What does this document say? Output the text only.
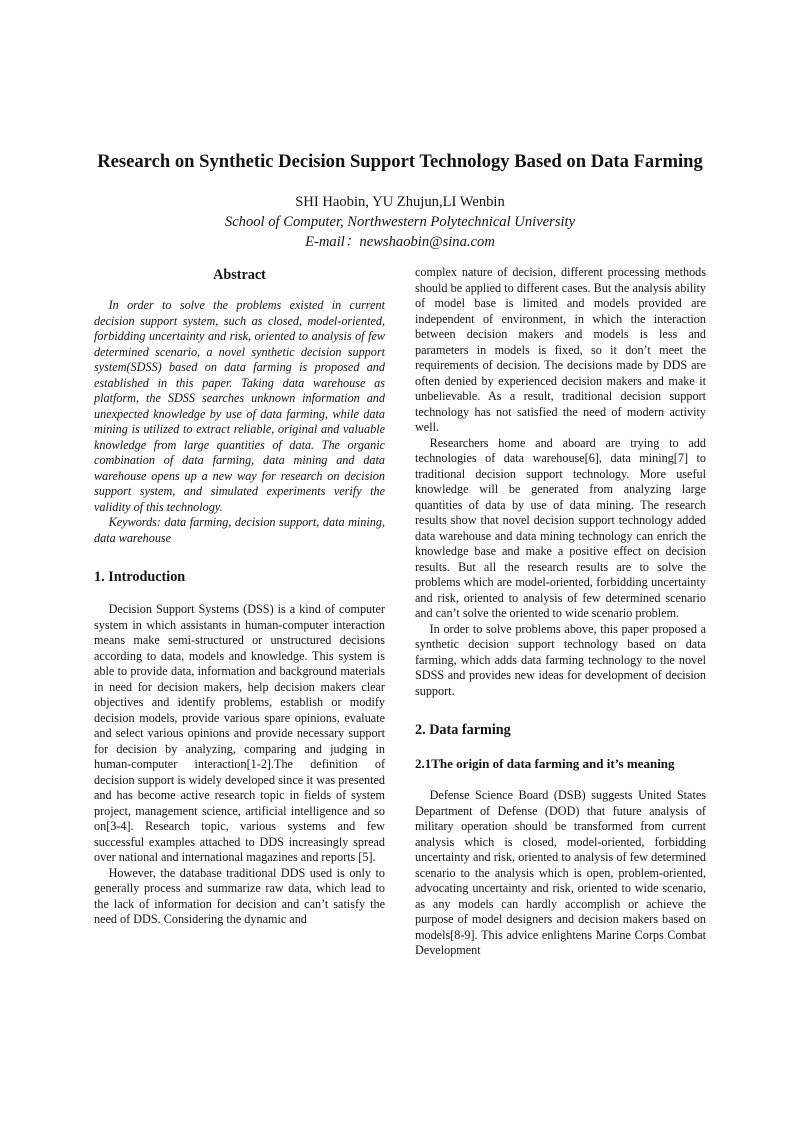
Research on Synthetic Decision Support Technology Based on Data Farming
SHI Haobin, YU Zhujun,LI Wenbin
School of Computer, Northwestern Polytechnical University
E-mail：newshaobin@sina.com
Abstract

In order to solve the problems existed in current decision support system, such as closed, model-oriented, forbidding uncertainty and risk, oriented to analysis of few determined scenario, a novel synthetic decision support system(SDSS) based on data farming is proposed and established in this paper. Taking data warehouse as platform, the SDSS searches unknown information and unexpected knowledge by use of data farming, while data mining is utilized to extract reliable, original and valuable knowledge from large quantities of data. The organic combination of data farming, data mining and data warehouse opens up a new way for research on decision support system, and simulated experiments verify the validity of this technology.

Keywords: data farming, decision support, data mining, data warehouse

1. Introduction

Decision Support Systems (DSS) is a kind of computer system in which assistants in human-computer interaction means make semi-structured or unstructured decisions according to data, models and knowledge. This system is able to provide data, information and background materials in need for decision makers, help decision makers clear objectives and identify problems, establish or modify decision models, provide various spare opinions, evaluate and select various opinions and provide necessary support for decision by analyzing, comparing and judging in human-computer interaction[1-2].The definition of decision support is widely developed since it was presented and has become active research topic in fields of system project, management science, artificial intelligence and so on[3-4]. Research topic, various systems and few successful examples attached to DDS increasingly spread over national and international magazines and reports [5].

However, the database traditional DDS used is only to generally process and summarize raw data, which lead to the lack of information for decision and can’t satisfy the need of DDS. Considering the dynamic and

complex nature of decision, different processing methods should be applied to different cases. But the analysis ability of model base is limited and models provided are independent of environment, in which the interaction between decision makers and models is less and parameters in models is fixed, so it don’t meet the requirements of decision. The decisions made by DDS are often denied by experienced decision makers and make it unbelievable. As a result, traditional decision support technology has not satisfied the need of modern activity well.

Researchers home and aboard are trying to add technologies of data warehouse[6], data mining[7] to traditional decision support technology. More useful knowledge will be generated from analyzing large quantities of data by use of data mining. The research results show that novel decision support technology added data warehouse and data mining technology can enrich the knowledge base and make a positive effect on decision results. But all the research results are to solve the problems which are model-oriented, forbidding uncertainty and risk, oriented to analysis of few determined scenario and can’t solve the oriented to wide scenario problem.

In order to solve problems above, this paper proposed a synthetic decision support technology based on data farming, which adds data farming technology to the novel SDSS and provides new ideas for development of decision support.

2. Data farming
2.1The origin of data farming and it’s meaning

Defense Science Board (DSB) suggests United States Department of Defense (DOD) that future analysis of military operation should be transformed from current analysis which is closed, model-oriented, forbidding uncertainty and risk, oriented to analysis of few determined scenario to the analysis which is open, problem-oriented, advocating uncertainty and risk, oriented to wide scenario, as any models can hardly accomplish or achieve the purpose of model designers and decision makers based on models[8-9]. This advice enlightens Marine Corps Combat Development
